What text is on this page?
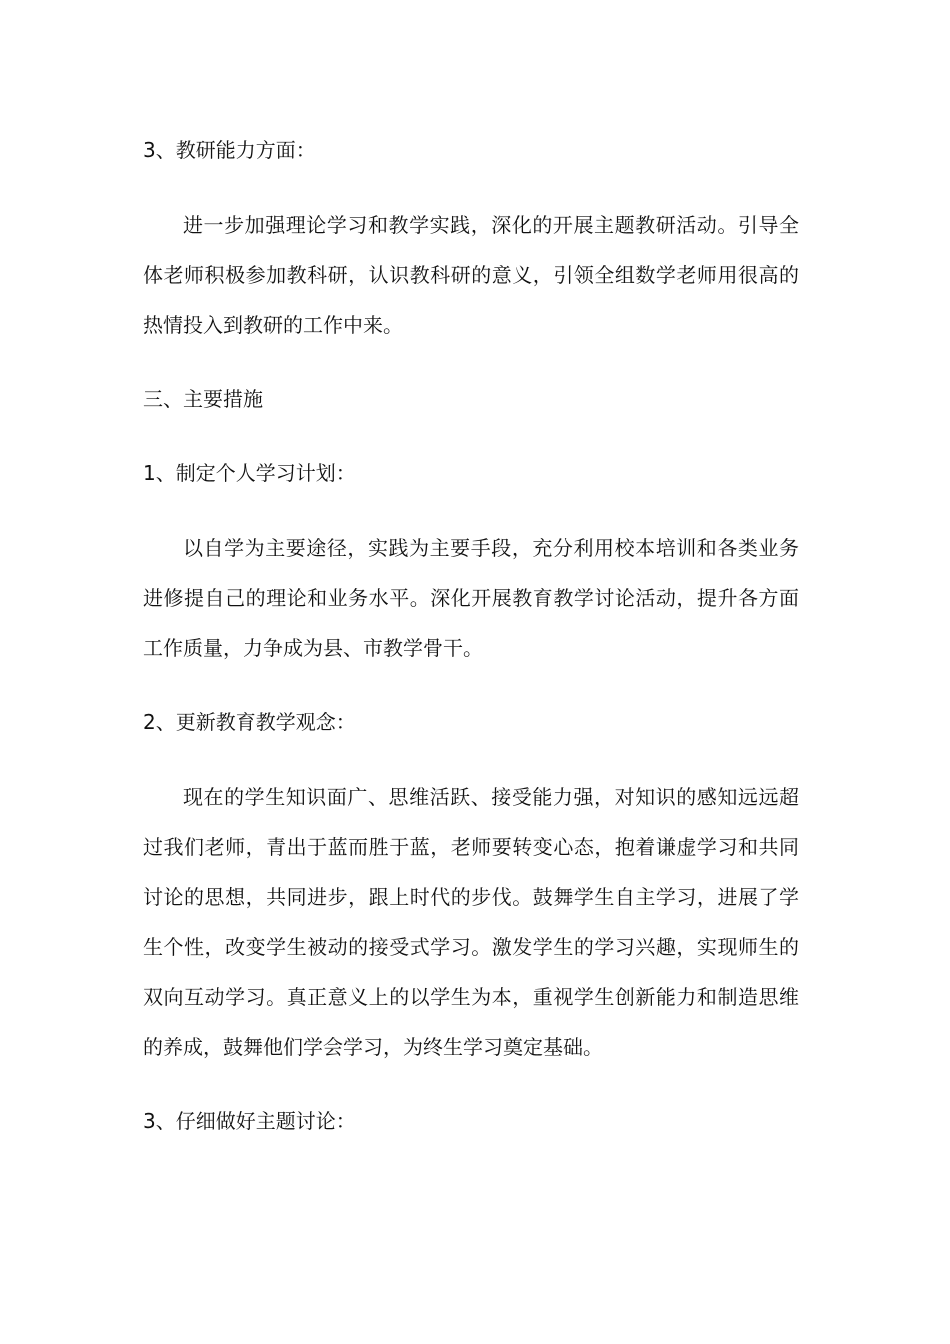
3、教研能力方面：
进一步加强理论学习和教学实践，深化的开展主题教研活动。引导全体老师积极参加教科研，认识教科研的意义，引领全组数学老师用很高的热情投入到教研的工作中来。
三、主要措施
1、制定个人学习计划：
以自学为主要途径，实践为主要手段，充分利用校本培训和各类业务进修提自己的理论和业务水平。深化开展教育教学讨论活动，提升各方面工作质量，力争成为县、市教学骨干。
2、更新教育教学观念：
现在的学生知识面广、思维活跃、接受能力强，对知识的感知远远超过我们老师，青出于蓝而胜于蓝，老师要转变心态，抱着谦虚学习和共同讨论的思想，共同进步，跟上时代的步伐。鼓舞学生自主学习，进展了学生个性，改变学生被动的接受式学习。激发学生的学习兴趣，实现师生的双向互动学习。真正意义上的以学生为本，重视学生创新能力和制造思维的养成，鼓舞他们学会学习，为终生学习奠定基础。
3、仔细做好主题讨论：
